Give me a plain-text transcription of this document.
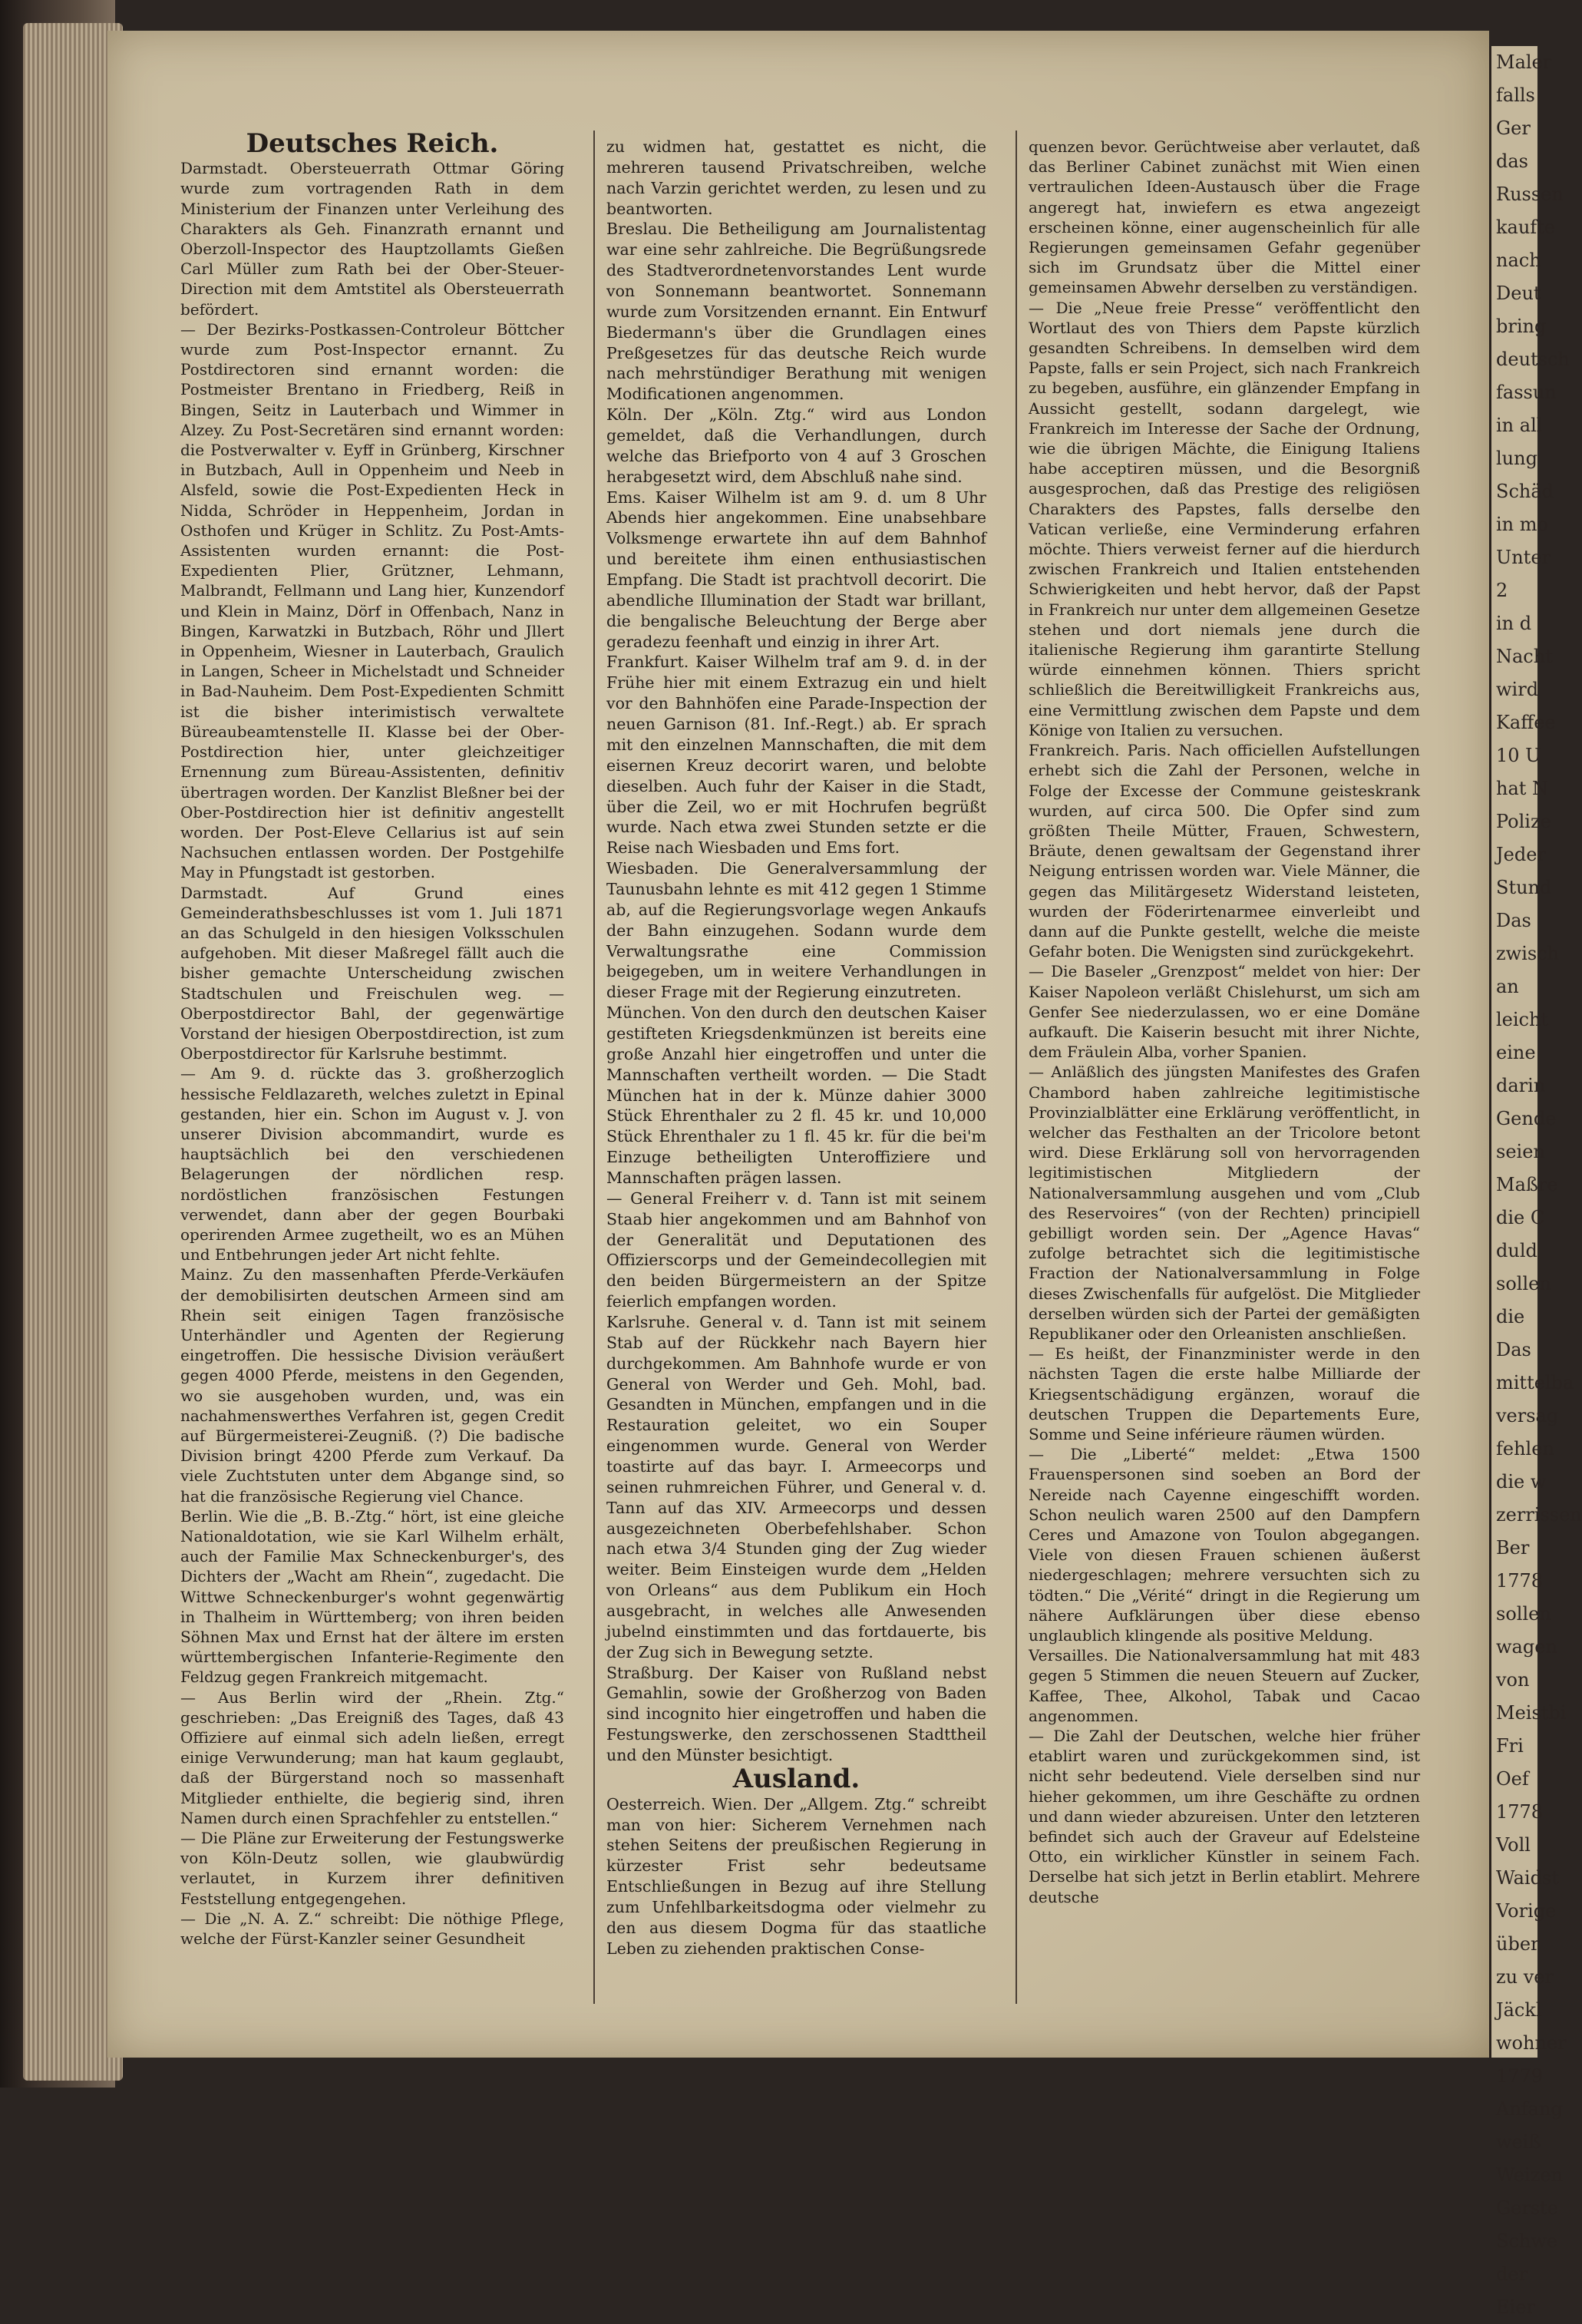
Deutsches Reich.

Darmstadt. Obersteuerrath Ottmar Göring wurde zum vortragenden Rath in dem Ministerium der Finanzen unter Verleihung des Charakters als Geh. Finanzrath ernannt und Oberzoll-Inspector des Hauptzollamts Gießen Carl Müller zum Rath bei der Ober-Steuer-Direction mit dem Amtstitel als Obersteuerrath befördert.

— Der Bezirks-Postkassen-Controleur Böttcher wurde zum Post-Inspector ernannt. Zu Postdirectoren sind ernannt worden: die Postmeister Brentano in Friedberg, Reiß in Bingen, Seitz in Lauterbach und Wimmer in Alzey. Zu Post-Secretären sind ernannt worden: die Postverwalter v. Eyff in Grünberg, Kirschner in Butzbach, Aull in Oppenheim und Neeb in Alsfeld, sowie die Post-Expedienten Heck in Nidda, Schröder in Heppenheim, Jordan in Osthofen und Krüger in Schlitz. Zu Post-Amts-Assistenten wurden ernannt: die Post-Expedienten Plier, Grützner, Lehmann, Malbrandt, Fellmann und Lang hier, Kunzendorf und Klein in Mainz, Dörf in Offenbach, Nanz in Bingen, Karwatzki in Butzbach, Röhr und Jllert in Oppenheim, Wiesner in Lauterbach, Graulich in Langen, Scheer in Michelstadt und Schneider in Bad-Nauheim. Dem Post-Expedienten Schmitt ist die bisher interimistisch verwaltete Büreaubeamtenstelle II. Klasse bei der Ober-Postdirection hier, unter gleichzeitiger Ernennung zum Büreau-Assistenten, definitiv übertragen worden. Der Kanzlist Bleßner bei der Ober-Postdirection hier ist definitiv angestellt worden. Der Post-Eleve Cellarius ist auf sein Nachsuchen entlassen worden. Der Postgehilfe May in Pfungstadt ist gestorben.

Darmstadt. Auf Grund eines Gemeinderathsbeschlusses ist vom 1. Juli 1871 an das Schulgeld in den hiesigen Volksschulen aufgehoben. Mit dieser Maßregel fällt auch die bisher gemachte Unterscheidung zwischen Stadtschulen und Freischulen weg. — Oberpostdirector Bahl, der gegenwärtige Vorstand der hiesigen Oberpostdirection, ist zum Oberpostdirector für Karlsruhe bestimmt.

— Am 9. d. rückte das 3. großherzoglich hessische Feldlazareth, welches zuletzt in Epinal gestanden, hier ein. Schon im August v. J. von unserer Division abcommandirt, wurde es hauptsächlich bei den verschiedenen Belagerungen der nördlichen resp. nordöstlichen französischen Festungen verwendet, dann aber der gegen Bourbaki operirenden Armee zugetheilt, wo es an Mühen und Entbehrungen jeder Art nicht fehlte.

Mainz. Zu den massenhaften Pferde-Verkäufen der demobilisirten deutschen Armeen sind am Rhein seit einigen Tagen französische Unterhändler und Agenten der Regierung eingetroffen. Die hessische Division veräußert gegen 4000 Pferde, meistens in den Gegenden, wo sie ausgehoben wurden, und, was ein nachahmenswerthes Verfahren ist, gegen Credit auf Bürgermeisterei-Zeugniß. (?) Die badische Division bringt 4200 Pferde zum Verkauf. Da viele Zuchtstuten unter dem Abgange sind, so hat die französische Regierung viel Chance.

Berlin. Wie die „B. B.-Ztg.“ hört, ist eine gleiche Nationaldotation, wie sie Karl Wilhelm erhält, auch der Familie Max Schneckenburger's, des Dichters der „Wacht am Rhein“, zugedacht. Die Wittwe Schneckenburger's wohnt gegenwärtig in Thalheim in Württemberg; von ihren beiden Söhnen Max und Ernst hat der ältere im ersten württembergischen Infanterie-Regimente den Feldzug gegen Frankreich mitgemacht.

— Aus Berlin wird der „Rhein. Ztg.“ geschrieben: „Das Ereigniß des Tages, daß 43 Offiziere auf einmal sich adeln ließen, erregt einige Verwunderung; man hat kaum geglaubt, daß der Bürgerstand noch so massenhaft Mitglieder enthielte, die begierig sind, ihren Namen durch einen Sprachfehler zu entstellen.“

— Die Pläne zur Erweiterung der Festungswerke von Köln-Deutz sollen, wie glaubwürdig verlautet, in Kurzem ihrer definitiven Feststellung entgegengehen.

— Die „N. A. Z.“ schreibt: Die nöthige Pflege, welche der Fürst-Kanzler seiner Gesundheit

zu widmen hat, gestattet es nicht, die mehreren tausend Privatschreiben, welche nach Varzin gerichtet werden, zu lesen und zu beantworten.

Breslau. Die Betheiligung am Journalistentag war eine sehr zahlreiche. Die Begrüßungsrede des Stadtverordnetenvorstandes Lent wurde von Sonnemann beantwortet. Sonnemann wurde zum Vorsitzenden ernannt. Ein Entwurf Biedermann's über die Grundlagen eines Preßgesetzes für das deutsche Reich wurde nach mehrstündiger Berathung mit wenigen Modificationen angenommen.

Köln. Der „Köln. Ztg.“ wird aus London gemeldet, daß die Verhandlungen, durch welche das Briefporto von 4 auf 3 Groschen herabgesetzt wird, dem Abschluß nahe sind.

Ems. Kaiser Wilhelm ist am 9. d. um 8 Uhr Abends hier angekommen. Eine unabsehbare Volksmenge erwartete ihn auf dem Bahnhof und bereitete ihm einen enthusiastischen Empfang. Die Stadt ist prachtvoll decorirt. Die abendliche Illumination der Stadt war brillant, die bengalische Beleuchtung der Berge aber geradezu feenhaft und einzig in ihrer Art.

Frankfurt. Kaiser Wilhelm traf am 9. d. in der Frühe hier mit einem Extrazug ein und hielt vor den Bahnhöfen eine Parade-Inspection der neuen Garnison (81. Inf.-Regt.) ab. Er sprach mit den einzelnen Mannschaften, die mit dem eisernen Kreuz decorirt waren, und belobte dieselben. Auch fuhr der Kaiser in die Stadt, über die Zeil, wo er mit Hochrufen begrüßt wurde. Nach etwa zwei Stunden setzte er die Reise nach Wiesbaden und Ems fort.

Wiesbaden. Die Generalversammlung der Taunusbahn lehnte es mit 412 gegen 1 Stimme ab, auf die Regierungsvorlage wegen Ankaufs der Bahn einzugehen. Sodann wurde dem Verwaltungsrathe eine Commission beigegeben, um in weitere Verhandlungen in dieser Frage mit der Regierung einzutreten.

München. Von den durch den deutschen Kaiser gestifteten Kriegsdenkmünzen ist bereits eine große Anzahl hier eingetroffen und unter die Mannschaften vertheilt worden. — Die Stadt München hat in der k. Münze dahier 3000 Stück Ehrenthaler zu 2 fl. 45 kr. und 10,000 Stück Ehrenthaler zu 1 fl. 45 kr. für die bei'm Einzuge betheiligten Unteroffiziere und Mannschaften prägen lassen.

— General Freiherr v. d. Tann ist mit seinem Staab hier angekommen und am Bahnhof von der Generalität und Deputationen des Offizierscorps und der Gemeindecollegien mit den beiden Bürgermeistern an der Spitze feierlich empfangen worden.

Karlsruhe. General v. d. Tann ist mit seinem Stab auf der Rückkehr nach Bayern hier durchgekommen. Am Bahnhofe wurde er von General von Werder und Geh. Mohl, bad. Gesandten in München, empfangen und in die Restauration geleitet, wo ein Souper eingenommen wurde. General von Werder toastirte auf das bayr. I. Armeecorps und seinen ruhmreichen Führer, und General v. d. Tann auf das XIV. Armeecorps und dessen ausgezeichneten Oberbefehlshaber. Schon nach etwa 3/4 Stunden ging der Zug wieder weiter. Beim Einsteigen wurde dem „Helden von Orleans“ aus dem Publikum ein Hoch ausgebracht, in welches alle Anwesenden jubelnd einstimmten und das fortdauerte, bis der Zug sich in Bewegung setzte.

Straßburg. Der Kaiser von Rußland nebst Gemahlin, sowie der Großherzog von Baden sind incognito hier eingetroffen und haben die Festungswerke, den zerschossenen Stadttheil und den Münster besichtigt.

Ausland.

Oesterreich. Wien. Der „Allgem. Ztg.“ schreibt man von hier: Sicherem Vernehmen nach stehen Seitens der preußischen Regierung in kürzester Frist sehr bedeutsame Entschließungen in Bezug auf ihre Stellung zum Unfehlbarkeitsdogma oder vielmehr zu den aus diesem Dogma für das staatliche Leben zu ziehenden praktischen Conse-

quenzen bevor. Gerüchtweise aber verlautet, daß das Berliner Cabinet zunächst mit Wien einen vertraulichen Ideen-Austausch über die Frage angeregt hat, inwiefern es etwa angezeigt erscheinen könne, einer augenscheinlich für alle Regierungen gemeinsamen Gefahr gegenüber sich im Grundsatz über die Mittel einer gemeinsamen Abwehr derselben zu verständigen.

— Die „Neue freie Presse“ veröffentlicht den Wortlaut des von Thiers dem Papste kürzlich gesandten Schreibens. In demselben wird dem Papste, falls er sein Project, sich nach Frankreich zu begeben, ausführe, ein glänzender Empfang in Aussicht gestellt, sodann dargelegt, wie Frankreich im Interesse der Sache der Ordnung, wie die übrigen Mächte, die Einigung Italiens habe acceptiren müssen, und die Besorgniß ausgesprochen, daß das Prestige des religiösen Charakters des Papstes, falls derselbe den Vatican verließe, eine Verminderung erfahren möchte. Thiers verweist ferner auf die hierdurch zwischen Frankreich und Italien entstehenden Schwierigkeiten und hebt hervor, daß der Papst in Frankreich nur unter dem allgemeinen Gesetze stehen und dort niemals jene durch die italienische Regierung ihm garantirte Stellung würde einnehmen können. Thiers spricht schließlich die Bereitwilligkeit Frankreichs aus, eine Vermittlung zwischen dem Papste und dem Könige von Italien zu versuchen.

Frankreich. Paris. Nach officiellen Aufstellungen erhebt sich die Zahl der Personen, welche in Folge der Excesse der Commune geisteskrank wurden, auf circa 500. Die Opfer sind zum größten Theile Mütter, Frauen, Schwestern, Bräute, denen gewaltsam der Gegenstand ihrer Neigung entrissen worden war. Viele Männer, die gegen das Militärgesetz Widerstand leisteten, wurden der Föderirtenarmee einverleibt und dann auf die Punkte gestellt, welche die meiste Gefahr boten. Die Wenigsten sind zurückgekehrt.

— Die Baseler „Grenzpost“ meldet von hier: Der Kaiser Napoleon verläßt Chislehurst, um sich am Genfer See niederzulassen, wo er eine Domäne aufkauft. Die Kaiserin besucht mit ihrer Nichte, dem Fräulein Alba, vorher Spanien.

— Anläßlich des jüngsten Manifestes des Grafen Chambord haben zahlreiche legitimistische Provinzialblätter eine Erklärung veröffentlicht, in welcher das Festhalten an der Tricolore betont wird. Diese Erklärung soll von hervorragenden legitimistischen Mitgliedern der Nationalversammlung ausgehen und vom „Club des Reservoires“ (von der Rechten) principiell gebilligt worden sein. Der „Agence Havas“ zufolge betrachtet sich die legitimistische Fraction der Nationalversammlung in Folge dieses Zwischenfalls für aufgelöst. Die Mitglieder derselben würden sich der Partei der gemäßigten Republikaner oder den Orleanisten anschließen.

— Es heißt, der Finanzminister werde in den nächsten Tagen die erste halbe Milliarde der Kriegsentschädigung ergänzen, worauf die deutschen Truppen die Departements Eure, Somme und Seine inférieure räumen würden.

— Die „Liberté“ meldet: „Etwa 1500 Frauenspersonen sind soeben an Bord der Nereide nach Cayenne eingeschifft worden. Schon neulich waren 2500 auf den Dampfern Ceres und Amazone von Toulon abgegangen. Viele von diesen Frauen schienen äußerst niedergeschlagen; mehrere versuchten sich zu tödten.“ Die „Vérité“ dringt in die Regierung um nähere Aufklärungen über diese ebenso unglaublich klingende als positive Meldung.

Versailles. Die Nationalversammlung hat mit 483 gegen 5 Stimmen die neuen Steuern auf Zucker, Kaffee, Thee, Alkohol, Tabak und Cacao angenommen.

— Die Zahl der Deutschen, welche hier früher etablirt waren und zurückgekommen sind, ist nicht sehr bedeutend. Viele derselben sind nur hieher gekommen, um ihre Geschäfte zu ordnen und dann wieder abzureisen. Unter den letzteren befindet sich auch der Graveur auf Edelsteine Otto, ein wirklicher Künstler in seinem Fach. Derselbe hat sich jetzt in Berlin etablirt. Mehrere deutsche

Maler
falls
Ger
das
Russen
kaufte
nach
Deut
bring
deutsch
fassun
in all
lung
Schäd
in mo
Unter
2
in d
Nacht
wird
Kaffee
10 U
hat N
Polize
Jeder
Stund
Das
zwisch
an
leicht
eine
darin
Gende
seien
Maßre
die C
duld
sollen
die
Das
mittelba
versag
fehlen
die w
zerrissen
Ber
1778
sollen
wagen
von
Meistbi
Fri
Oef
1778
Voll
Waidst
Vorige
über
zu ver
Jäckl
wohner
1779
Anfang
weiß
Weizen
Gerste
Schwe
der
Eier
